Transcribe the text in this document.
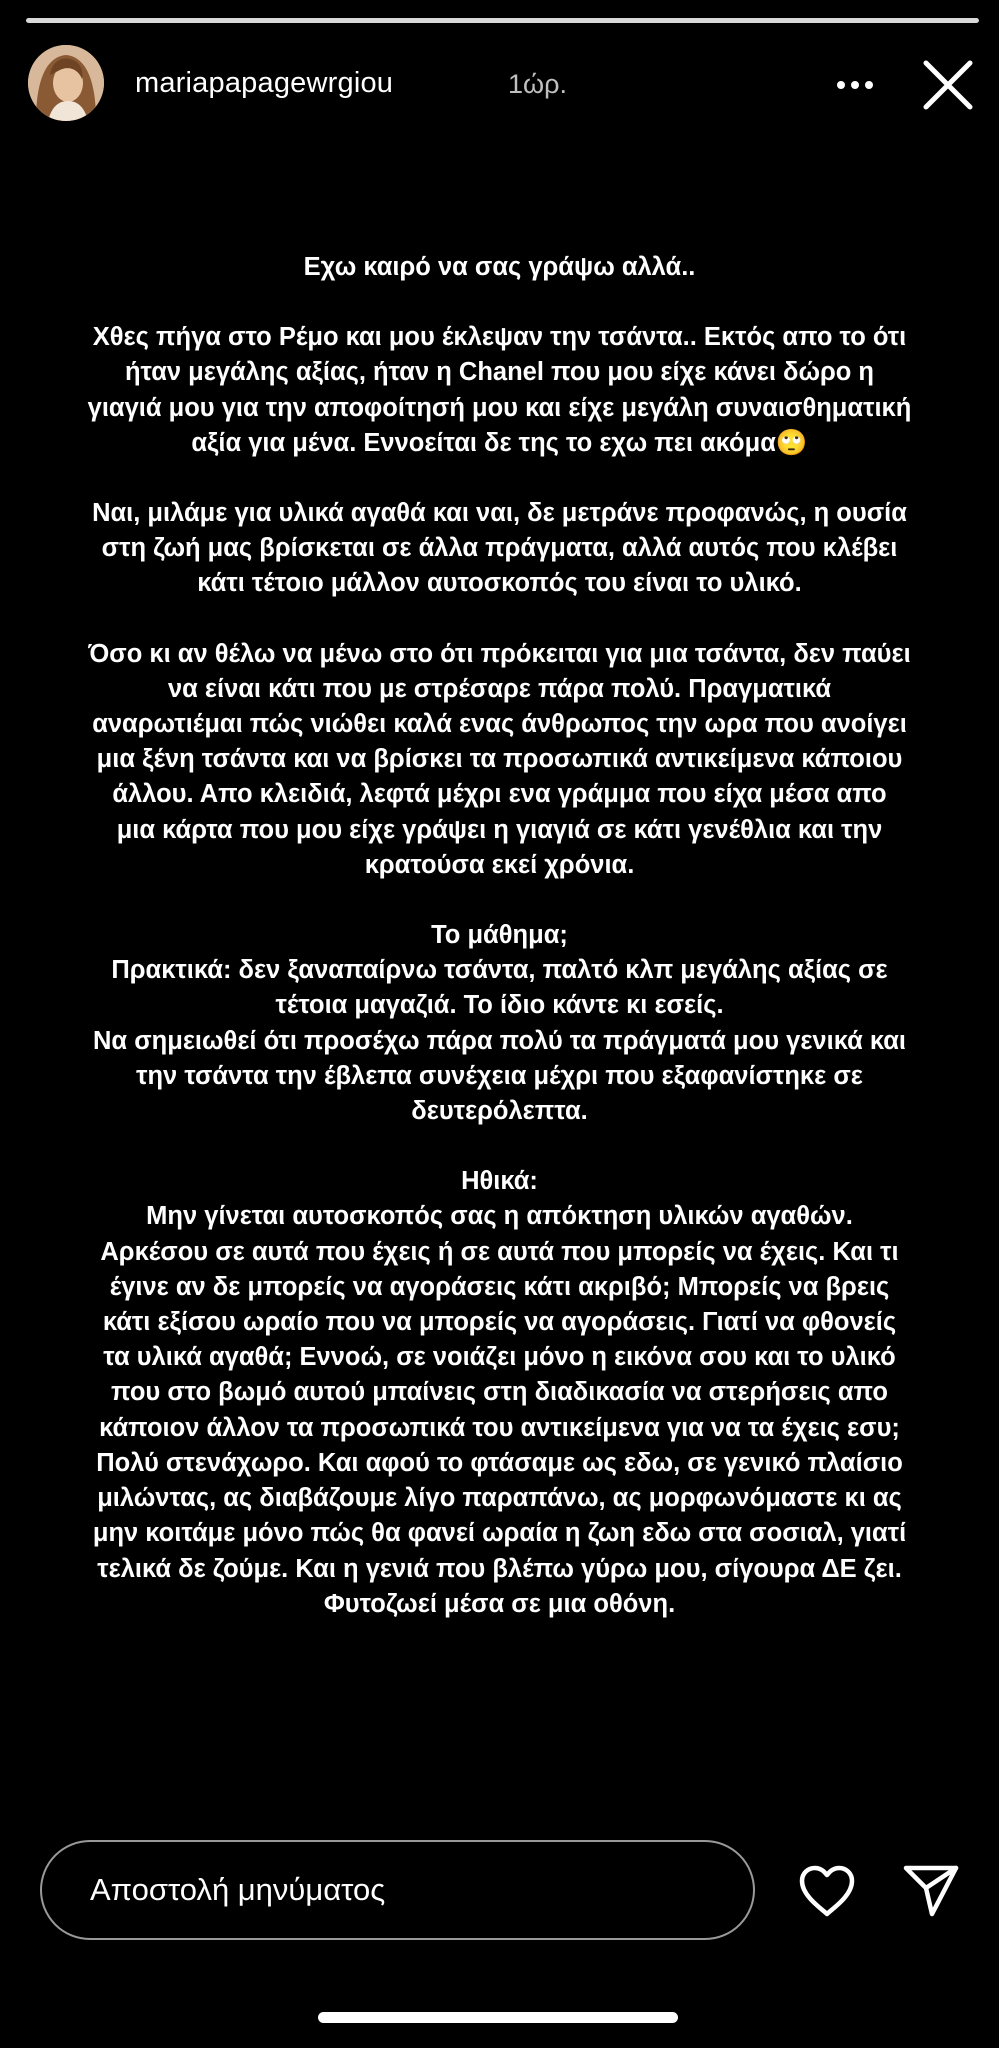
mariapapagewrgiou	1ώρ.

Εχω καιρό να σας γράψω αλλά..

Χθες πήγα στο Ρέμο και μου έκλεψαν την τσάντα.. Εκτός απο το ότι
ήταν μεγάλης αξίας, ήταν η Chanel που μου είχε κάνει δώρο η
γιαγιά μου για την αποφοίτησή μου και είχε μεγάλη συναισθηματική
αξία για μένα. Εννοείται δε της το εχω πει ακόμα🙄

Ναι, μιλάμε για υλικά αγαθά και ναι, δε μετράνε προφανώς, η ουσία
στη ζωή μας βρίσκεται σε άλλα πράγματα, αλλά αυτός που κλέβει
κάτι τέτοιο μάλλον αυτοσκοπός του είναι το υλικό.

Όσο κι αν θέλω να μένω στο ότι πρόκειται για μια τσάντα, δεν παύει
να είναι κάτι που με στρέσαρε πάρα πολύ. Πραγματικά
αναρωτιέμαι πώς νιώθει καλά ενας άνθρωπος την ωρα που ανοίγει
μια ξένη τσάντα και να βρίσκει τα προσωπικά αντικείμενα κάποιου
άλλου. Απο κλειδιά, λεφτά μέχρι ενα γράμμα που είχα μέσα απο
μια κάρτα που μου είχε γράψει η γιαγιά σε κάτι γενέθλια και την
κρατούσα εκεί χρόνια.

Το μάθημα;
Πρακτικά: δεν ξαναπαίρνω τσάντα, παλτό κλπ μεγάλης αξίας σε
τέτοια μαγαζιά. Το ίδιο κάντε κι εσείς.
Να σημειωθεί ότι προσέχω πάρα πολύ τα πράγματά μου γενικά και
την τσάντα την έβλεπα συνέχεια μέχρι που εξαφανίστηκε σε
δευτερόλεπτα.

Ηθικά:
Μην γίνεται αυτοσκοπός σας η απόκτηση υλικών αγαθών.
Αρκέσου σε αυτά που έχεις ή σε αυτά που μπορείς να έχεις. Και τι
έγινε αν δε μπορείς να αγοράσεις κάτι ακριβό; Μπορείς να βρεις
κάτι εξίσου ωραίο που να μπορείς να αγοράσεις. Γιατί να φθονείς
τα υλικά αγαθά; Εννοώ, σε νοιάζει μόνο η εικόνα σου και το υλικό
που στο βωμό αυτού μπαίνεις στη διαδικασία να στερήσεις απο
κάποιον άλλον τα προσωπικά του αντικείμενα για να τα έχεις εσυ;
Πολύ στενάχωρο. Και αφού το φτάσαμε ως εδω, σε γενικό πλαίσιο
μιλώντας, ας διαβάζουμε λίγο παραπάνω, ας μορφωνόμαστε κι ας
μην κοιτάμε μόνο πώς θα φανεί ωραία η ζωη εδω στα σοσιαλ, γιατί
τελικά δε ζούμε. Και η γενιά που βλέπω γύρω μου, σίγουρα ΔΕ ζει.
Φυτοζωεί μέσα σε μια οθόνη.

Αποστολή μηνύματος
